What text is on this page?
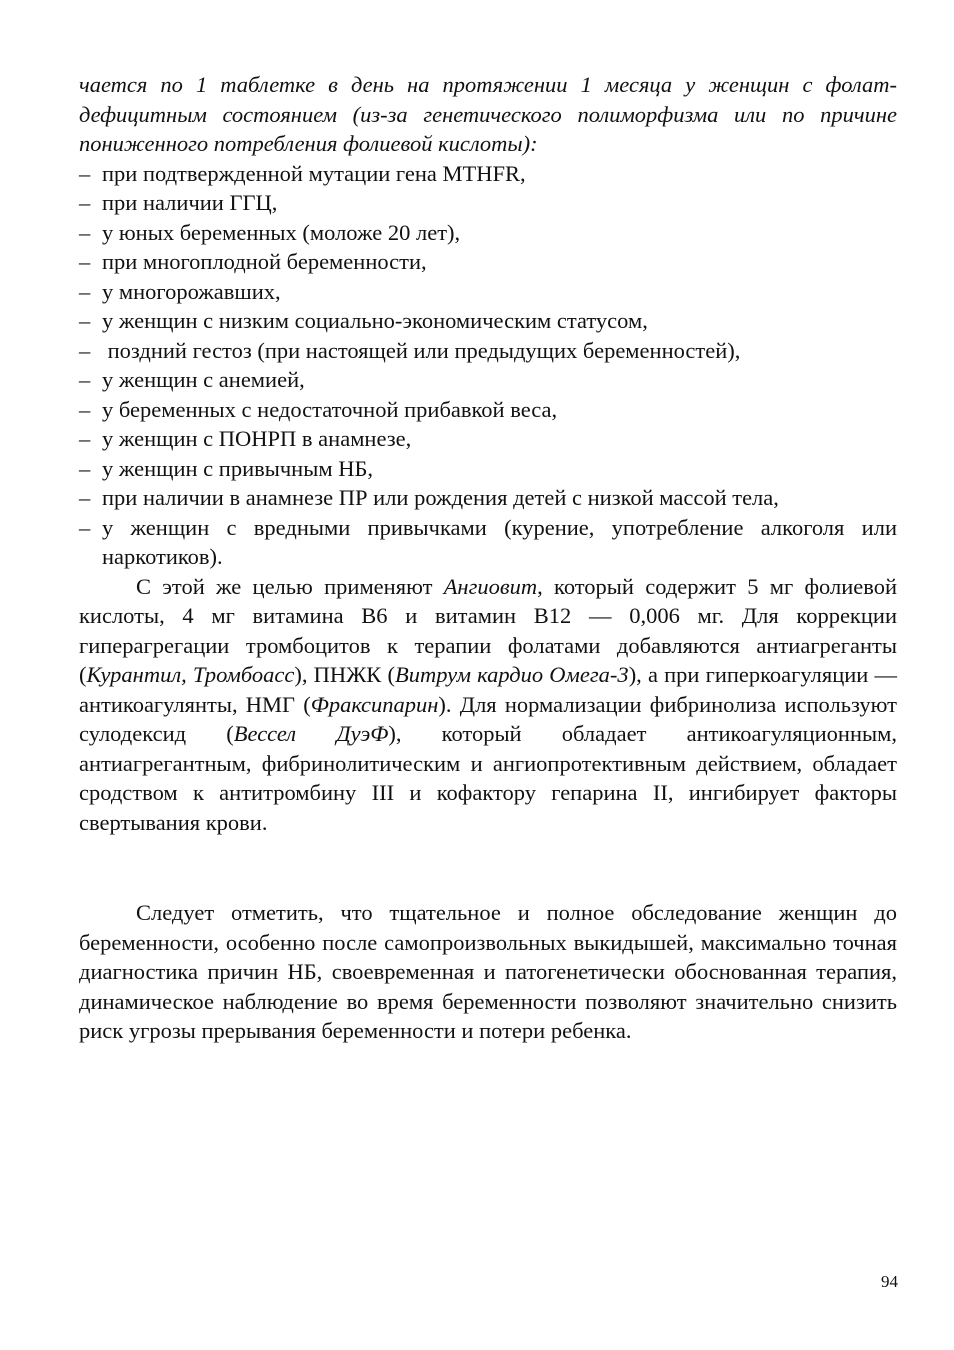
чается по 1 таблетке в день на протяжении 1 месяца у женщин с фолат-дефицитным состоянием (из-за генетического полиморфизма или по причине пониженного потребления фолиевой кислоты):

– при подтвержденной мутации гена MTHFR,
– при наличии ГГЦ,
– у юных беременных (моложе 20 лет),
– при многоплодной беременности,
– у многорожавших,
– у женщин с низким социально-экономическим статусом,
–  поздний гестоз (при настоящей или предыдущих беременностей),
– у женщин с анемией,
– у беременных с недостаточной прибавкой веса,
– у женщин с ПОНРП в анамнезе,
– у женщин с привычным НБ,
– при наличии в анамнезе ПР или рождения детей с низкой массой тела,
– у женщин с вредными привычками (курение, употребление алкоголя или наркотиков).

С этой же целью применяют Ангиовит, который содержит 5 мг фолиевой кислоты, 4 мг витамина В6 и витамин В12 — 0,006 мг. Для коррекции гиперагрегации тромбоцитов к терапии фолатами добавляются антиагреганты (Курантил, Тромбоасс), ПНЖК (Витрум кардио Омега-3), а при гиперкоагуляции — антикоагулянты, НМГ (Фраксипарин). Для нормализации фибринолиза используют сулодексид (Вессел ДуэФ), который обладает антикоагуляционным, антиагрегантным, фибринолитическим и ангиопротективным действием, обладает сродством к антитромбину III и кофактору гепарина II, ингибирует факторы свертывания крови.

Следует отметить, что тщательное и полное обследование женщин до беременности, особенно после самопроизвольных выкидышей, максимально точная диагностика причин НБ, своевременная и патогенетически обоснованная терапия, динамическое наблюдение во время беременности позволяют значительно снизить риск угрозы прерывания беременности и потери ребенка.

94
